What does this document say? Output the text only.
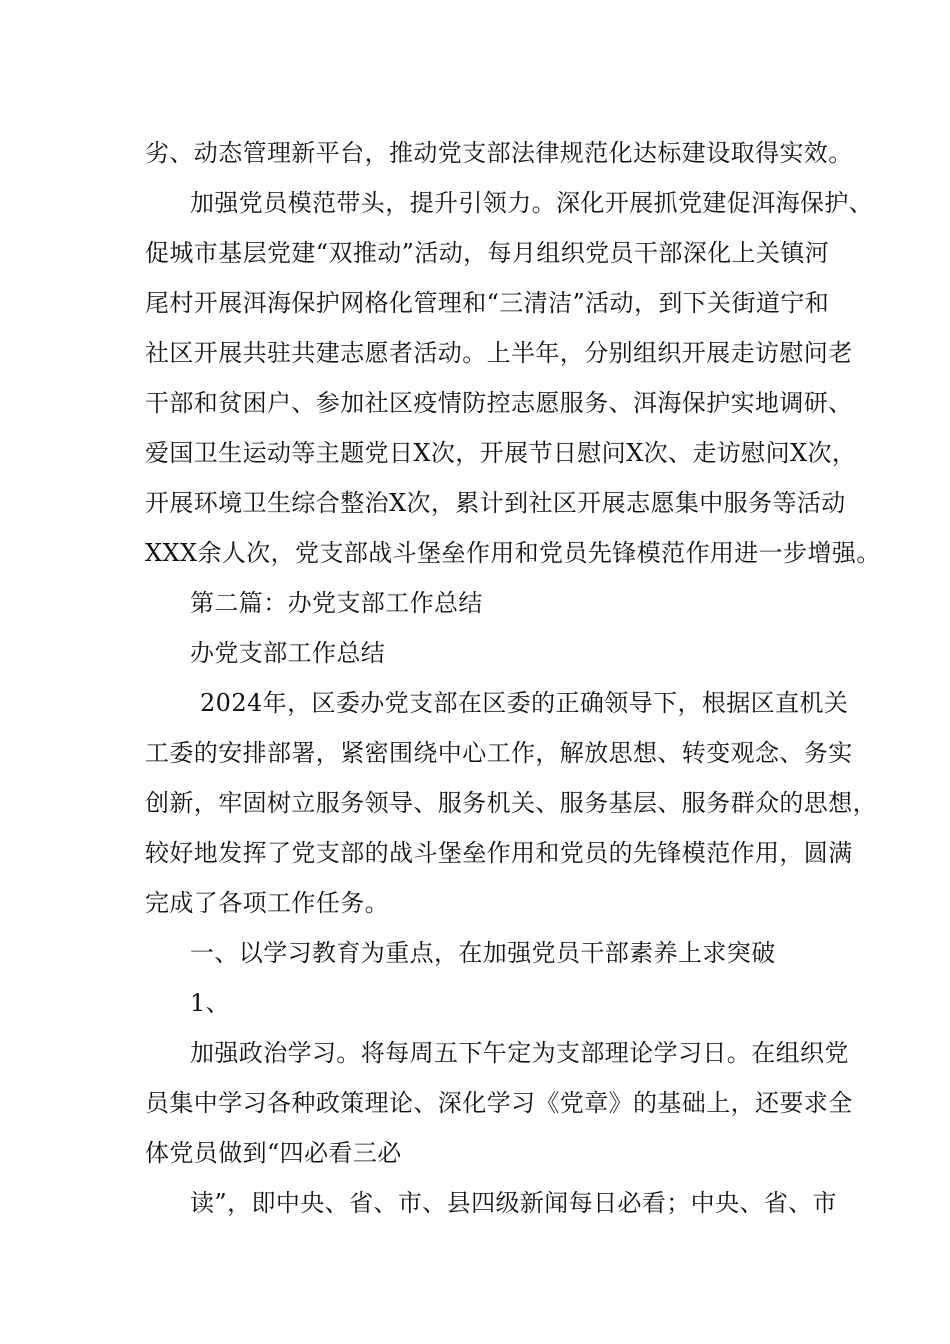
劣、动态管理新平台，推动党支部法律规范化达标建设取得实效。
加强党员模范带头，提升引领力。深化开展抓党建促洱海保护、
促城市基层党建“双推动”活动，每月组织党员干部深化上关镇河
尾村开展洱海保护网格化管理和“三清洁”活动，到下关街道宁和
社区开展共驻共建志愿者活动。上半年，分别组织开展走访慰问老
干部和贫困户、参加社区疫情防控志愿服务、洱海保护实地调研、
爱国卫生运动等主题党日X次，开展节日慰问X次、走访慰问X次，
开展环境卫生综合整治X次，累计到社区开展志愿集中服务等活动
XXX余人次，党支部战斗堡垒作用和党员先锋模范作用进一步增强。
第二篇：办党支部工作总结
办党支部工作总结
2024年，区委办党支部在区委的正确领导下，根据区直机关
工委的安排部署，紧密围绕中心工作，解放思想、转变观念、务实
创新，牢固树立服务领导、服务机关、服务基层、服务群众的思想，
较好地发挥了党支部的战斗堡垒作用和党员的先锋模范作用，圆满
完成了各项工作任务。
一、以学习教育为重点，在加强党员干部素养上求突破
1、
加强政治学习。将每周五下午定为支部理论学习日。在组织党
员集中学习各种政策理论、深化学习《党章》的基础上，还要求全
体党员做到“四必看三必
读”，即中央、省、市、县四级新闻每日必看；中央、省、市
